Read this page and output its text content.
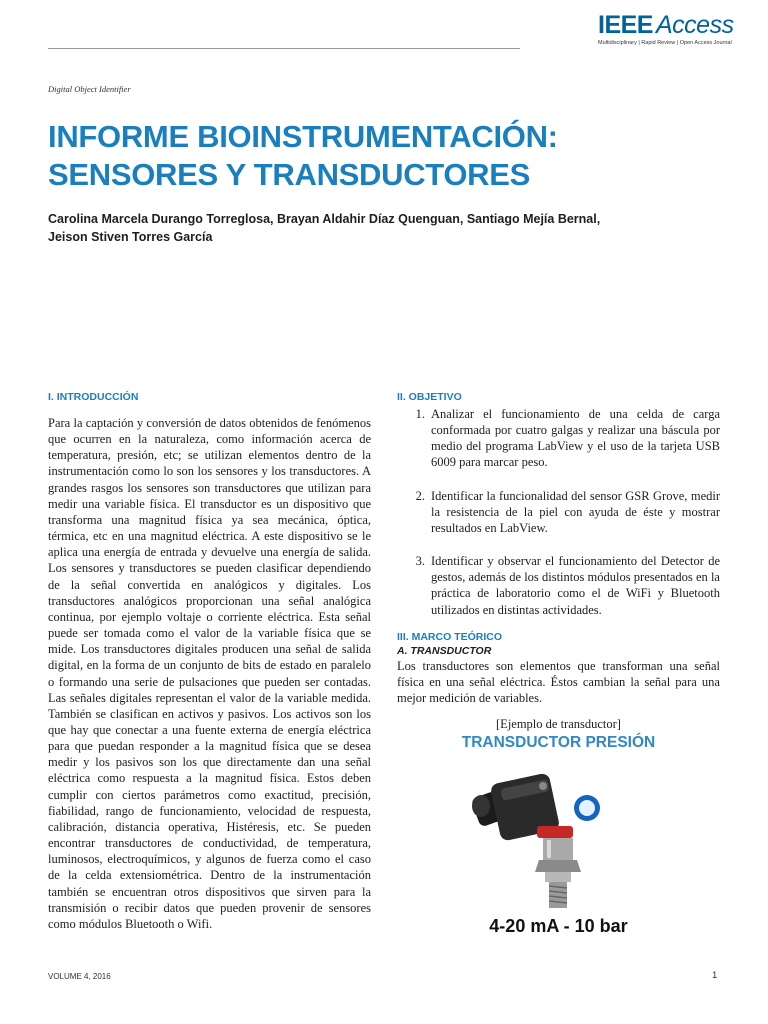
IEEE Access
Multidisciplinary | Rapid Review | Open Access Journal
Digital Object Identifier
INFORME BIOINSTRUMENTACIÓN:
SENSORES Y TRANSDUCTORES
Carolina Marcela Durango Torreglosa, Brayan Aldahir Díaz Quenguan, Santiago Mejía Bernal, Jeison Stiven Torres García
I. INTRODUCCIÓN

Para la captación y conversión de datos obtenidos de fenómenos que ocurren en la naturaleza, como información acerca de temperatura, presión, etc; se utilizan elementos dentro de la instrumentación como lo son los sensores y los transductores. A grandes rasgos los sensores son transductores que utilizan para medir una variable física. El transductor es un dispositivo que transforma una magnitud física ya sea mecánica, óptica, térmica, etc en una magnitud eléctrica. A este dispositivo se le aplica una energía de entrada y devuelve una energía de salida. Los sensores y transductores se pueden clasificar dependiendo de la señal convertida en analógicos y digitales. Los transductores analógicos proporcionan una señal analógica continua, por ejemplo voltaje o corriente eléctrica. Esta señal puede ser tomada como el valor de la variable física que se mide. Los transductores digitales producen una señal de salida digital, en la forma de un conjunto de bits de estado en paralelo o formando una serie de pulsaciones que pueden ser contadas. Las señales digitales representan el valor de la variable medida. También se clasifican en activos y pasivos. Los activos son los que hay que conectar a una fuente externa de energía eléctrica para que puedan responder a la magnitud física que se desea medir y los pasivos son los que directamente dan una señal eléctrica como respuesta a la magnitud física. Estos deben cumplir con ciertos parámetros como exactitud, precisión, fiabilidad, rango de funcionamiento, velocidad de respuesta, calibración, distancia operativa, Histéresis, etc. Se pueden encontrar transductores de conductividad, de temperatura, luminosos, electroquímicos, y algunos de fuerza como el caso de la celda extensiométrica. Dentro de la instrumentación también se encuentran otros dispositivos que sirven para la transmisión o recibir datos que pueden provenir de sensores como módulos Bluetooth o Wifi.

II. OBJETIVO
1. Analizar el funcionamiento de una celda de carga conformada por cuatro galgas y realizar una báscula por medio del programa LabView y el uso de la tarjeta USB 6009 para marcar peso.
2. Identificar la funcionalidad del sensor GSR Grove, medir la resistencia de la piel con ayuda de éste y mostrar resultados en LabView.
3. Identificar y observar el funcionamiento del Detector de gestos, además de los distintos módulos presentados en la práctica de laboratorio como el de WiFi y Bluetooth utilizados en distintas actividades.
III. MARCO TEÓRICO
A. TRANSDUCTOR

Los transductores son elementos que transforman una señal física en una señal eléctrica. Éstos cambian la señal para una mejor medición de variables.

[Ejemplo de transductor]

TRANSDUCTOR PRESIÓN
4-20 mA - 10 bar
VOLUME 4, 2016	1
